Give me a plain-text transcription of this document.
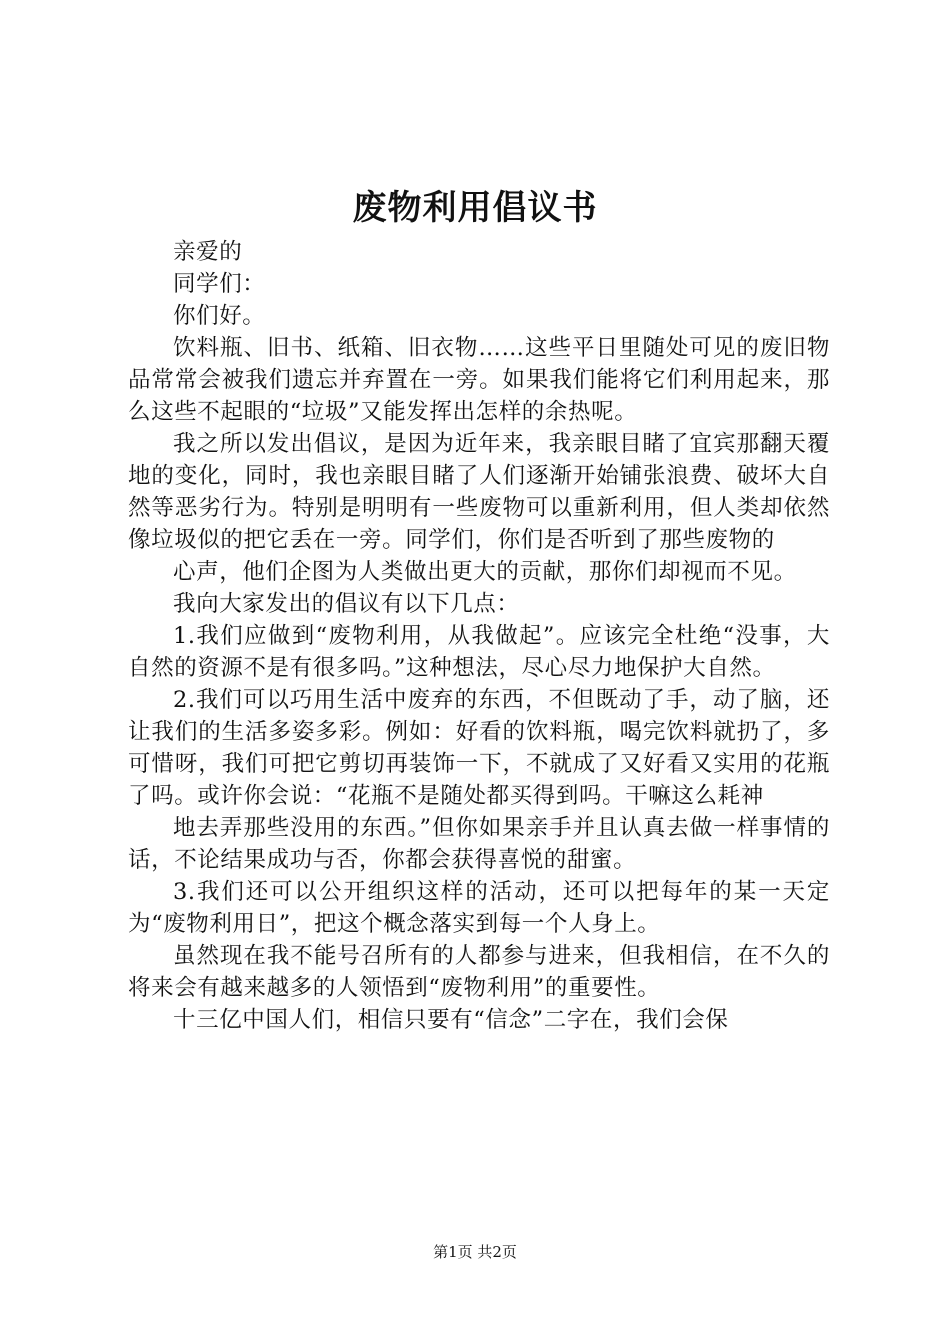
废物利用倡议书

亲爱的

同学们：

你们好。

饮料瓶、旧书、纸箱、旧衣物……这些平日里随处可见的废旧物品常常会被我们遗忘并弃置在一旁。如果我们能将它们利用起来，那么这些不起眼的“垃圾”又能发挥出怎样的余热呢。

我之所以发出倡议，是因为近年来，我亲眼目睹了宜宾那翻天覆地的变化，同时，我也亲眼目睹了人们逐渐开始铺张浪费、破坏大自然等恶劣行为。特别是明明有一些废物可以重新利用，但人类却依然像垃圾似的把它丢在一旁。同学们，你们是否听到了那些废物的

心声，他们企图为人类做出更大的贡献，那你们却视而不见。

我向大家发出的倡议有以下几点：

1.我们应做到“废物利用，从我做起”。应该完全杜绝“没事，大自然的资源不是有很多吗。”这种想法，尽心尽力地保护大自然。

2.我们可以巧用生活中废弃的东西，不但既动了手，动了脑，还让我们的生活多姿多彩。例如：好看的饮料瓶，喝完饮料就扔了，多可惜呀，我们可把它剪切再装饰一下，不就成了又好看又实用的花瓶了吗。或许你会说：“花瓶不是随处都买得到吗。干嘛这么耗神

地去弄那些没用的东西。”但你如果亲手并且认真去做一样事情的话，不论结果成功与否，你都会获得喜悦的甜蜜。

3.我们还可以公开组织这样的活动，还可以把每年的某一天定为“废物利用日”，把这个概念落实到每一个人身上。

虽然现在我不能号召所有的人都参与进来，但我相信，在不久的将来会有越来越多的人领悟到“废物利用”的重要性。

十三亿中国人们，相信只要有“信念”二字在，我们会保

第1页 共2页
